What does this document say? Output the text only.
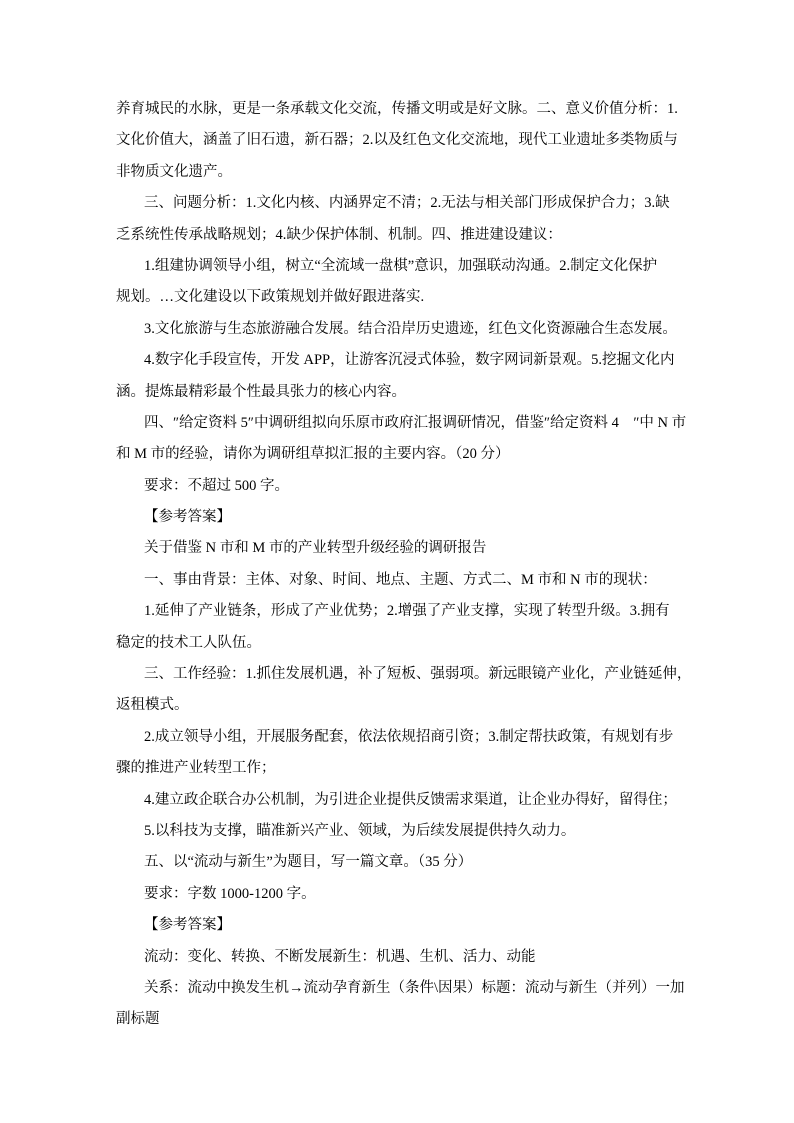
养育城民的水脉，更是一条承载文化交流，传播文明或是好文脉。二、意义价值分析：1.
文化价值大，涵盖了旧石遗，新石器；2.以及红色文化交流地，现代工业遗址多类物质与
非物质文化遗产。
三、问题分析：1.文化内核、内涵界定不清；2.无法与相关部门形成保护合力；3.缺
乏系统性传承战略规划；4.缺少保护体制、机制。四、推进建设建议：
1.组建协调领导小组，树立“全流域一盘棋”意识，加强联动沟通。2.制定文化保护
规划。…文化建设以下政策规划并做好跟进落实.
3.文化旅游与生态旅游融合发展。结合沿岸历史遗迹，红色文化资源融合生态发展。
4.数字化手段宣传，开发 APP，让游客沉浸式体验，数字网词新景观。5.挖掘文化内
涵。提炼最精彩最个性最具张力的核心内容。
四、″给定资料 5″中调研组拟向乐原市政府汇报调研情况，借鉴″给定资料 4　″中 N 市
和 M 市的经验，请你为调研组草拟汇报的主要内容。（20 分）
要求：不超过 500 字。
【参考答案】
关于借鉴 N 市和 M 市的产业转型升级经验的调研报告
一、事由背景：主体、对象、时间、地点、主题、方式二、M 市和 N 市的现状：
1.延伸了产业链条，形成了产业优势；2.增强了产业支撑，实现了转型升级。3.拥有
稳定的技术工人队伍。
三、工作经验：1.抓住发展机遇，补了短板、强弱项。新远眼镜产业化，产业链延伸，
返租模式。
2.成立领导小组，开展服务配套，依法依规招商引资；3.制定帮扶政策，有规划有步
骤的推进产业转型工作；
4.建立政企联合办公机制，为引进企业提供反馈需求渠道，让企业办得好，留得住；
5.以科技为支撑，瞄准新兴产业、领域，为后续发展提供持久动力。
五、以“流动与新生”为题目，写一篇文章。（35 分）
要求：字数 1000-1200 字。
【参考答案】
流动：变化、转换、不断发展新生：机遇、生机、活力、动能
关系：流动中换发生机→流动孕育新生（条件\因果）标题：流动与新生（并列）一加
副标题
